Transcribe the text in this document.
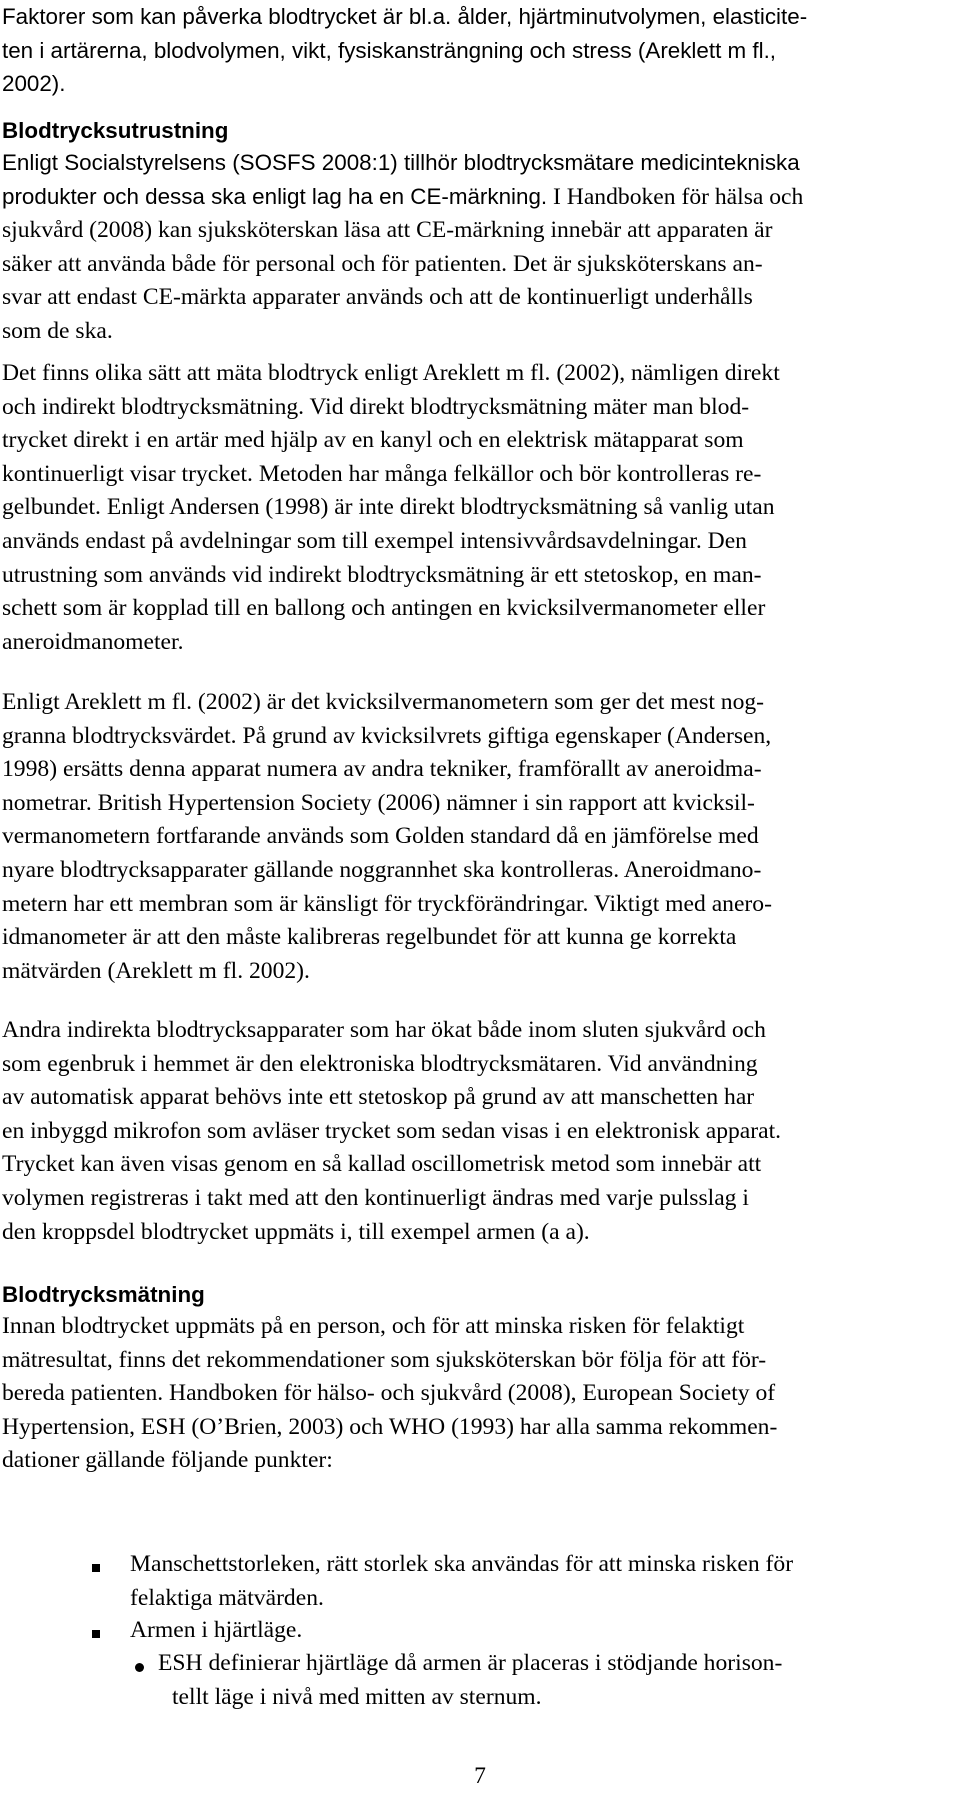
Faktorer som kan påverka blodtrycket är bl.a. ålder, hjärtminutvolymen, elasticite-
ten i artärerna, blodvolymen, vikt, fysiskansträngning och stress (Areklett m fl.,
2002).
Blodtrycksutrustning
Enligt Socialstyrelsens (SOSFS 2008:1) tillhör blodtrycksmätare medicintekniska
produkter och dessa ska enligt lag ha en CE-märkning. I Handboken för hälsa och
sjukvård (2008) kan sjuksköterskan läsa att CE-märkning innebär att apparaten är
säker att använda både för personal och för patienten. Det är sjuksköterskans an-
svar att endast CE-märkta apparater används och att de kontinuerligt underhålls
som de ska.
Det finns olika sätt att mäta blodtryck enligt Areklett m fl. (2002), nämligen direkt
och indirekt blodtrycksmätning. Vid direkt blodtrycksmätning mäter man blod-
trycket direkt i en artär med hjälp av en kanyl och en elektrisk mätapparat som
kontinuerligt visar trycket. Metoden har många felkällor och bör kontrolleras re-
gelbundet. Enligt Andersen (1998) är inte direkt blodtrycksmätning så vanlig utan
används endast på avdelningar som till exempel intensivvårdsavdelningar. Den
utrustning som används vid indirekt blodtrycksmätning är ett stetoskop, en man-
schett som är kopplad till en ballong och antingen en kvicksilvermanometer eller
aneroidmanometer.
Enligt Areklett m fl. (2002) är det kvicksilvermanometern som ger det mest nog-
granna blodtrycksvärdet. På grund av kvicksilvrets giftiga egenskaper (Andersen,
1998) ersätts denna apparat numera av andra tekniker, framförallt av aneroidma-
nometrar. British Hypertension Society (2006) nämner i sin rapport att kvicksil-
vermanometern fortfarande används som Golden standard då en jämförelse med
nyare blodtrycksapparater gällande noggrannhet ska kontrolleras. Aneroidmano-
metern har ett membran som är känsligt för tryckförändringar. Viktigt med anero-
idmanometer är att den måste kalibreras regelbundet för att kunna ge korrekta
mätvärden (Areklett m fl. 2002).
Andra indirekta blodtrycksapparater som har ökat både inom sluten sjukvård och
som egenbruk i hemmet är den elektroniska blodtrycksmätaren. Vid användning
av automatisk apparat behövs inte ett stetoskop på grund av att manschetten har
en inbyggd mikrofon som avläser trycket som sedan visas i en elektronisk apparat.
Trycket kan även visas genom en så kallad oscillometrisk metod som innebär att
volymen registreras i takt med att den kontinuerligt ändras med varje pulsslag i
den kroppsdel blodtrycket uppmäts i, till exempel armen (a a).
Blodtrycksmätning
Innan blodtrycket uppmäts på en person, och för att minska risken för felaktigt
mätresultat, finns det rekommendationer som sjuksköterskan bör följa för att för-
bereda patienten. Handboken för hälso- och sjukvård (2008), European Society of
Hypertension, ESH (O’Brien, 2003) och WHO (1993) har alla samma rekommen-
dationer gällande följande punkter:
Manschettstorleken, rätt storlek ska användas för att minska risken för
felaktiga mätvärden.
Armen i hjärtläge.
ESH definierar hjärtläge då armen är placeras i stödjande horison-
tellt läge i nivå med mitten av sternum.
7
